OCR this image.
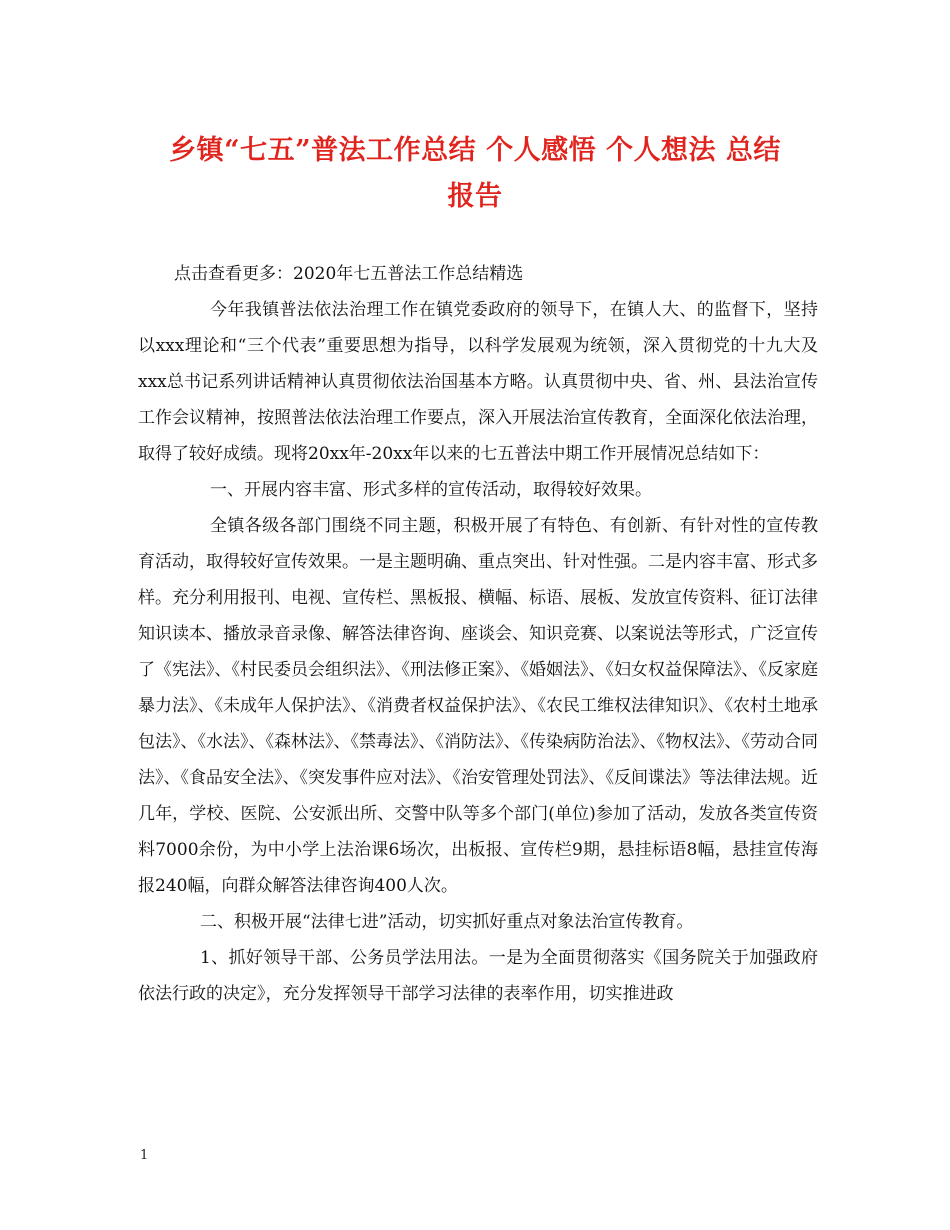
乡镇“七五”普法工作总结 个人感悟 个人想法 总结
报告

点击查看更多：2020年七五普法工作总结精选

今年我镇普法依法治理工作在镇党委政府的领导下，在镇人大、的监督下，坚持以xxx理论和“三个代表”重要思想为指导，以科学发展观为统领，深入贯彻党的十九大及xxx总书记系列讲话精神认真贯彻依法治国基本方略。认真贯彻中央、省、州、县法治宣传工作会议精神，按照普法依法治理工作要点，深入开展法治宣传教育，全面深化依法治理，取得了较好成绩。现将20xx年-20xx年以来的七五普法中期工作开展情况总结如下：

一、开展内容丰富、形式多样的宣传活动，取得较好效果。

全镇各级各部门围绕不同主题，积极开展了有特色、有创新、有针对性的宣传教育活动，取得较好宣传效果。一是主题明确、重点突出、针对性强。二是内容丰富、形式多样。充分利用报刊、电视、宣传栏、黑板报、横幅、标语、展板、发放宣传资料、征订法律知识读本、播放录音录像、解答法律咨询、座谈会、知识竞赛、以案说法等形式，广泛宣传了《宪法》、《村民委员会组织法》、《刑法修正案》、《婚姻法》、《妇女权益保障法》、《反家庭暴力法》、《未成年人保护法》、《消费者权益保护法》、《农民工维权法律知识》、《农村土地承包法》、《水法》、《森林法》、《禁毒法》、《消防法》、《传染病防治法》、《物权法》、《劳动合同法》、《食品安全法》、《突发事件应对法》、《治安管理处罚法》、《反间谍法》等法律法规。近几年，学校、医院、公安派出所、交警中队等多个部门(单位)参加了活动，发放各类宣传资料7000余份，为中小学上法治课6场次，出板报、宣传栏9期，悬挂标语8幅，悬挂宣传海报240幅，向群众解答法律咨询400人次。

二、积极开展“法律七进”活动，切实抓好重点对象法治宣传教育。

1、抓好领导干部、公务员学法用法。一是为全面贯彻落实《国务院关于加强政府依法行政的决定》，充分发挥领导干部学习法律的表率作用，切实推进政

1
